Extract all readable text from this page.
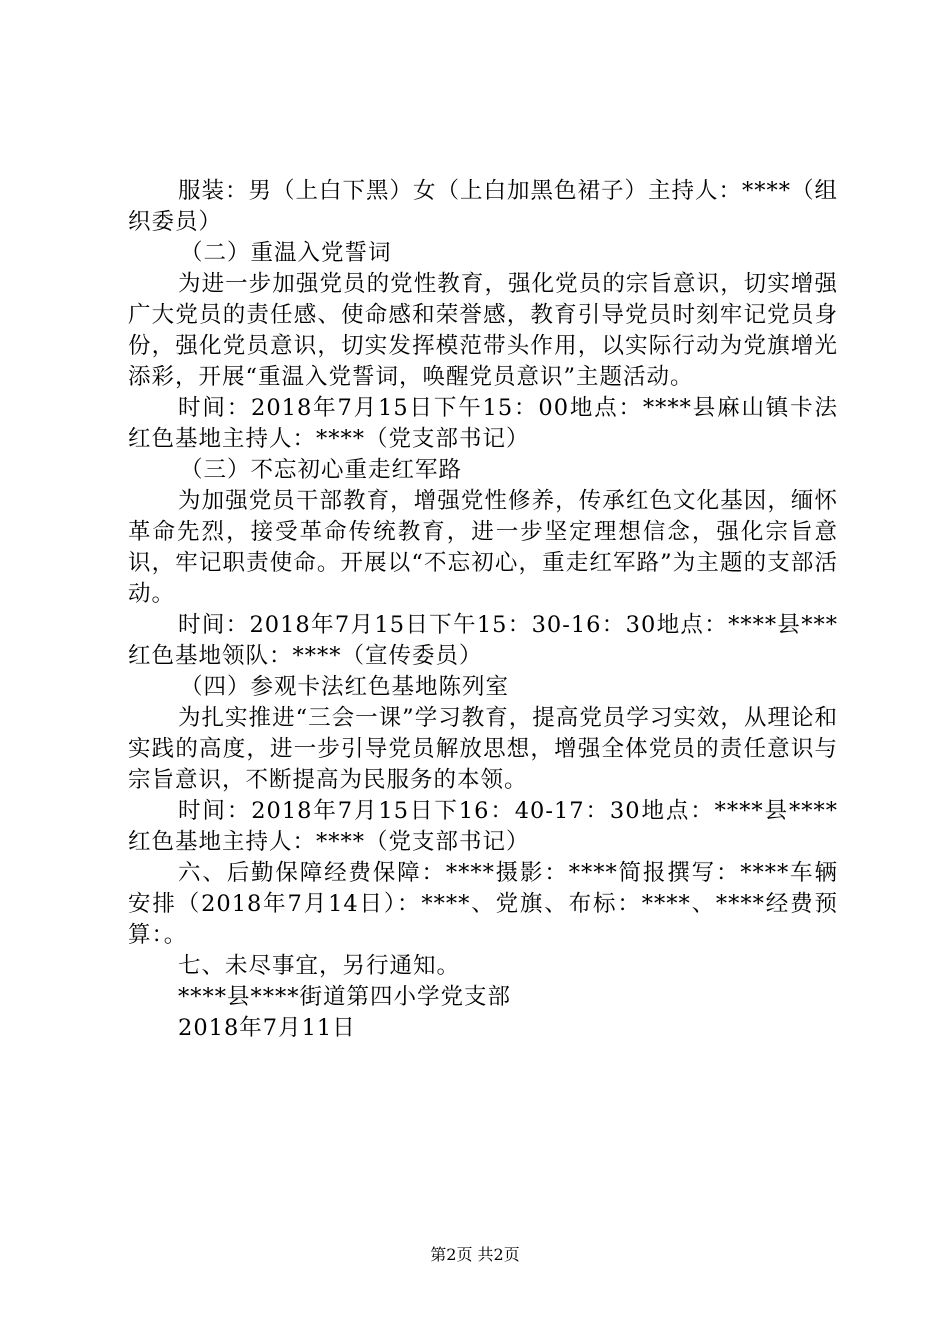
服装：男（上白下黑）女（上白加黑色裙子）主持人：****（组织委员）

（二）重温入党誓词

为进一步加强党员的党性教育，强化党员的宗旨意识，切实增强广大党员的责任感、使命感和荣誉感，教育引导党员时刻牢记党员身份，强化党员意识，切实发挥模范带头作用，以实际行动为党旗增光添彩，开展“重温入党誓词，唤醒党员意识”主题活动。

时间：2018年7月15日下午15：00地点：****县麻山镇卡法红色基地主持人：****（党支部书记）

（三）不忘初心重走红军路

为加强党员干部教育，增强党性修养，传承红色文化基因，缅怀革命先烈，接受革命传统教育，进一步坚定理想信念，强化宗旨意识，牢记职责使命。开展以“不忘初心，重走红军路”为主题的支部活动。

时间：2018年7月15日下午15：30-16：30地点：****县***红色基地领队：****（宣传委员）

（四）参观卡法红色基地陈列室

为扎实推进“三会一课”学习教育，提高党员学习实效，从理论和实践的高度，进一步引导党员解放思想，增强全体党员的责任意识与宗旨意识，不断提高为民服务的本领。

时间：2018年7月15日下16：40-17：30地点：****县****红色基地主持人：****（党支部书记）

六、后勤保障经费保障：****摄影：****简报撰写：****车辆安排（2018年7月14日）：****、党旗、布标：****、****经费预算：。

七、未尽事宜，另行通知。

****县****街道第四小学党支部

2018年7月11日

第2页 共2页
